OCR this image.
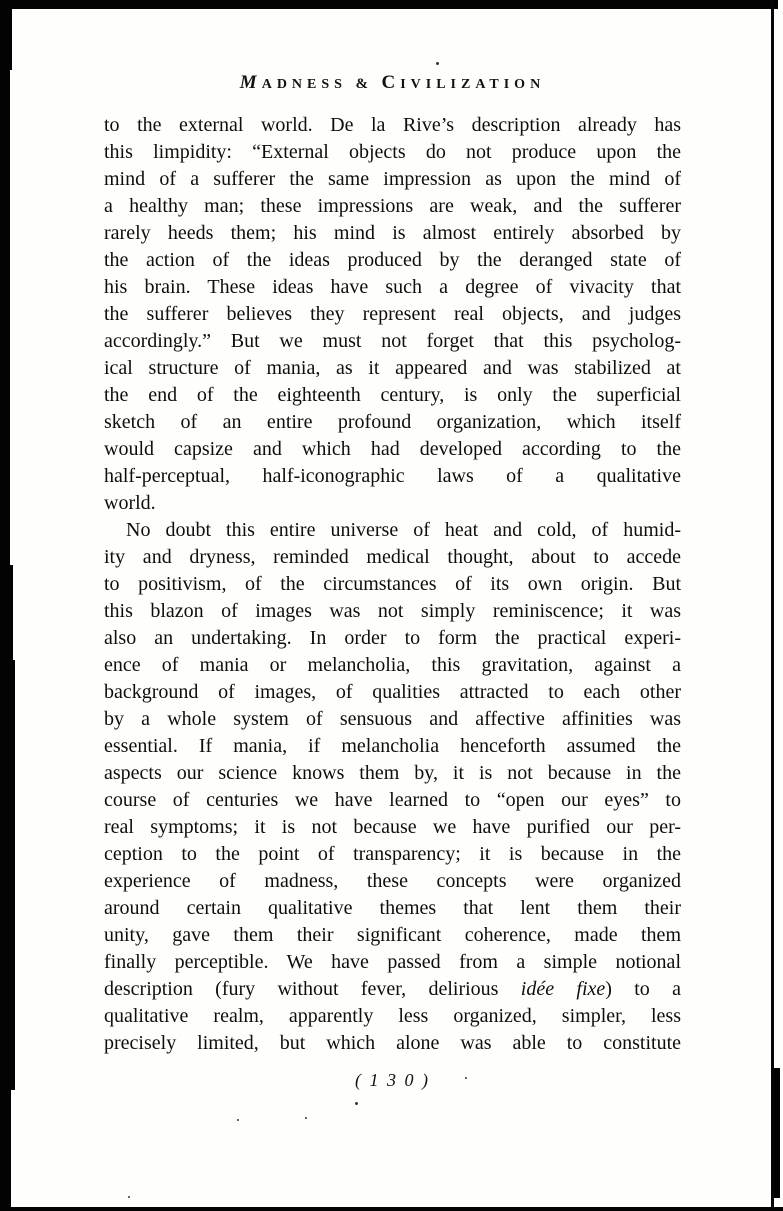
MADNESS & CIVILIZATION
to the external world. De la Rive’s description already has
this limpidity: “External objects do not produce upon the
mind of a sufferer the same impression as upon the mind of
a healthy man; these impressions are weak, and the sufferer
rarely heeds them; his mind is almost entirely absorbed by
the action of the ideas produced by the deranged state of
his brain. These ideas have such a degree of vivacity that
the sufferer believes they represent real objects, and judges
accordingly.” But we must not forget that this psycholog-
ical structure of mania, as it appeared and was stabilized at
the end of the eighteenth century, is only the superficial
sketch of an entire profound organization, which itself
would capsize and which had developed according to the
half-perceptual, half-iconographic laws of a qualitative
world.
No doubt this entire universe of heat and cold, of humid-
ity and dryness, reminded medical thought, about to accede
to positivism, of the circumstances of its own origin. But
this blazon of images was not simply reminiscence; it was
also an undertaking. In order to form the practical experi-
ence of mania or melancholia, this gravitation, against a
background of images, of qualities attracted to each other
by a whole system of sensuous and affective affinities was
essential. If mania, if melancholia henceforth assumed the
aspects our science knows them by, it is not because in the
course of centuries we have learned to “open our eyes” to
real symptoms; it is not because we have purified our per-
ception to the point of transparency; it is because in the
experience of madness, these concepts were organized
around certain qualitative themes that lent them their
unity, gave them their significant coherence, made them
finally perceptible. We have passed from a simple notional
description (fury without fever, delirious idée fixe) to a
qualitative realm, apparently less organized, simpler, less
precisely limited, but which alone was able to constitute
( 1 3 0 )
